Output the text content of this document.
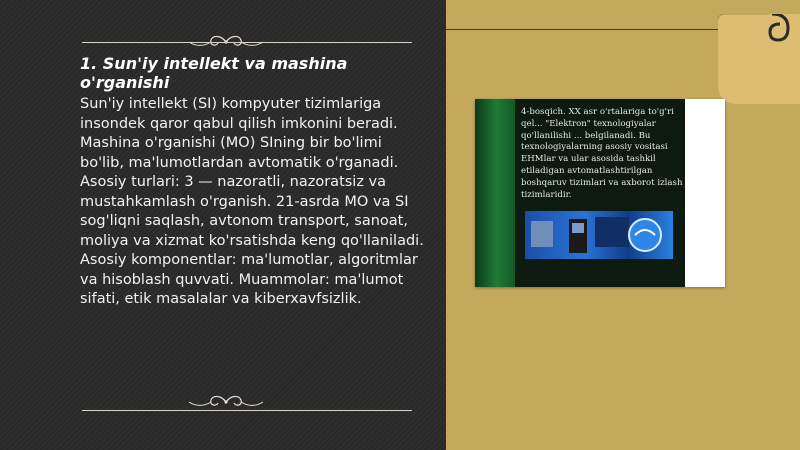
1. Sun'iy intellekt va mashina o'rganishi

Sun'iy intellekt (SI) kompyuter tizimlariga insondek qaror qabul qilish imkonini beradi. Mashina o'rganishi (MO) SIning bir bo'limi bo'lib, ma'lumotlardan avtomatik o'rganadi. Asosiy turlari: 3 — nazoratli, nazoratsiz va mustahkamlash o'rganish. 21-asrda MO va SI sog'liqni saqlash, avtonom transport, sanoat, moliya va xizmat ko'rsatishda keng qo'llaniladi. Asosiy komponentlar: ma'lumotlar, algoritmlar va hisoblash quvvati. Muammolar: ma'lumot sifati, etik masalalar va kiberxavfsizlik.

4-bosqich. XX asr o'rtalariga to'g'ri qel... "Elektron" texnologiyalar qo'llanilishi ... belgilanadi. Bu texnologiyalarning asosiy vositasi EHMlar va ular asosida tashkil etiladigan avtomatlashtirilgan boshqaruv tizimlari va axborot izlash tizimlaridir.
